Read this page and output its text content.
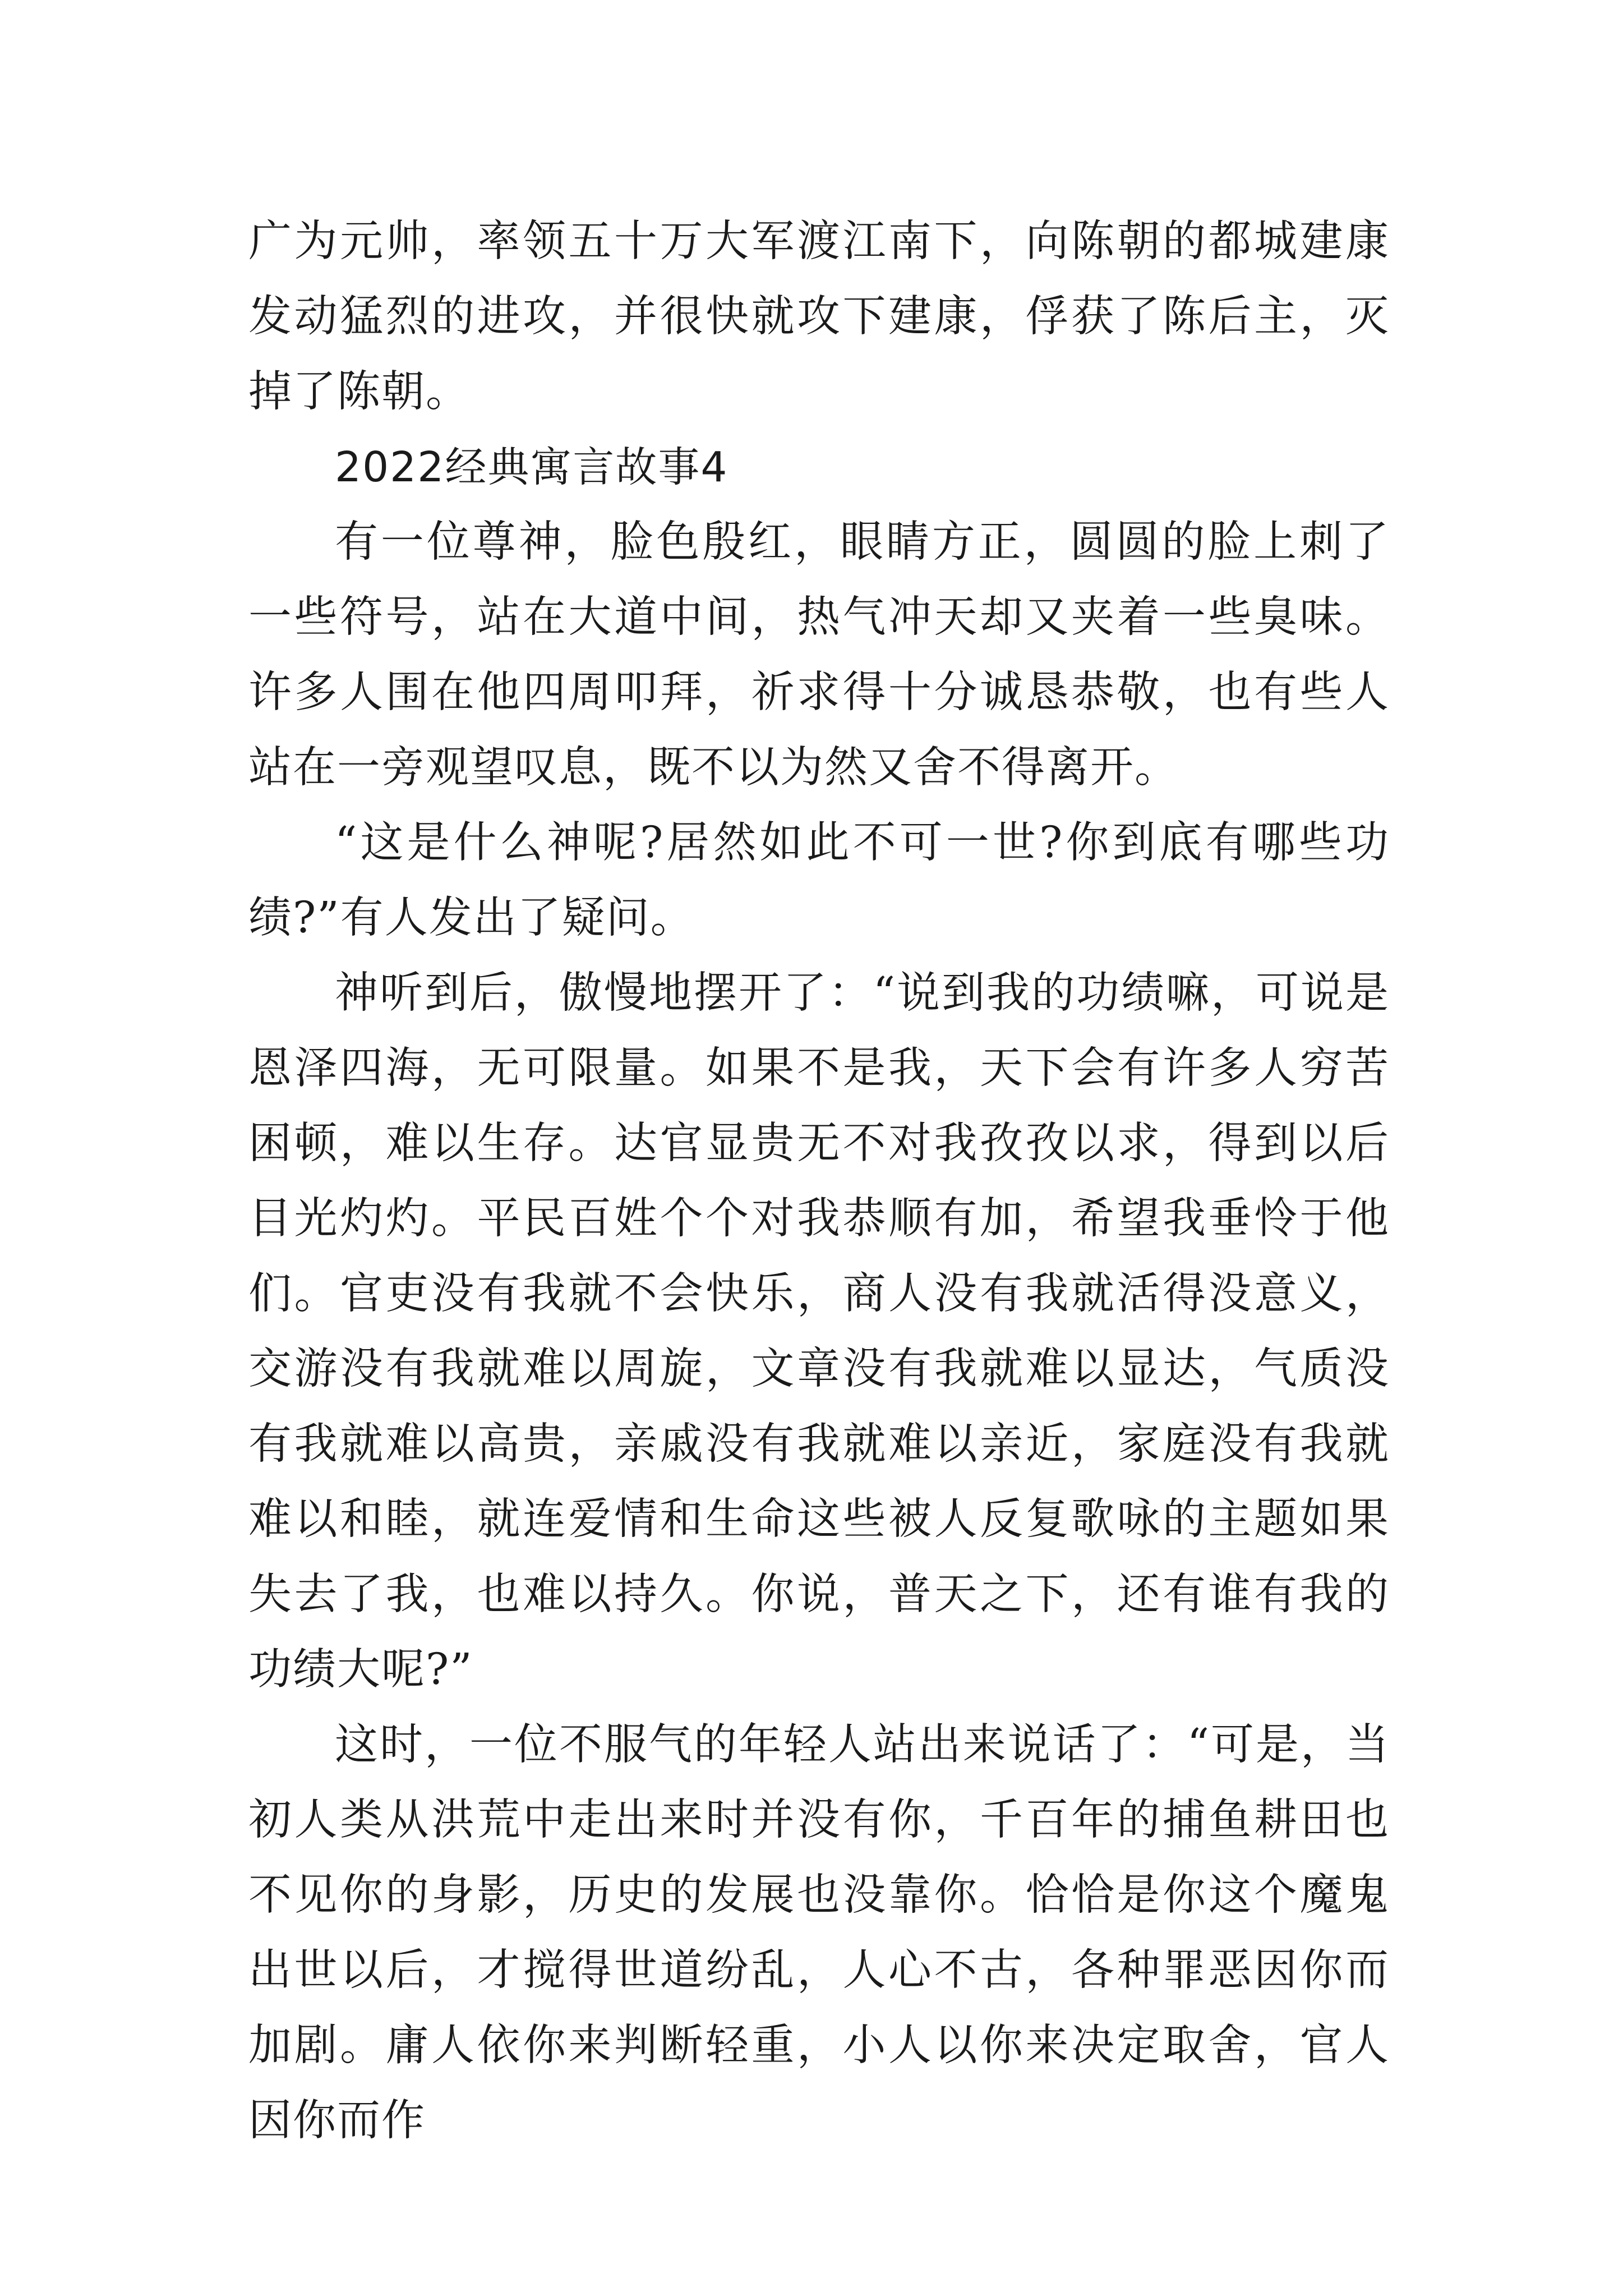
广为元帅，率领五十万大军渡江南下，向陈朝的都城建康发动猛烈的进攻，并很快就攻下建康，俘获了陈后主，灭掉了陈朝。

2022经典寓言故事4

有一位尊神，脸色殷红，眼睛方正，圆圆的脸上刺了一些符号，站在大道中间，热气冲天却又夹着一些臭味。许多人围在他四周叩拜，祈求得十分诚恳恭敬，也有些人站在一旁观望叹息，既不以为然又舍不得离开。

“这是什么神呢?居然如此不可一世?你到底有哪些功绩?”有人发出了疑问。

神听到后，傲慢地摆开了：“说到我的功绩嘛，可说是恩泽四海，无可限量。如果不是我，天下会有许多人穷苦困顿，难以生存。达官显贵无不对我孜孜以求，得到以后目光灼灼。平民百姓个个对我恭顺有加，希望我垂怜于他们。官吏没有我就不会快乐，商人没有我就活得没意义，交游没有我就难以周旋，文章没有我就难以显达，气质没有我就难以高贵，亲戚没有我就难以亲近，家庭没有我就难以和睦，就连爱情和生命这些被人反复歌咏的主题如果失去了我，也难以持久。你说，普天之下，还有谁有我的功绩大呢?”

这时，一位不服气的年轻人站出来说话了：“可是，当初人类从洪荒中走出来时并没有你，千百年的捕鱼耕田也不见你的身影，历史的发展也没靠你。恰恰是你这个魔鬼出世以后，才搅得世道纷乱，人心不古，各种罪恶因你而加剧。庸人依你来判断轻重，小人以你来决定取舍，官人因你而作
